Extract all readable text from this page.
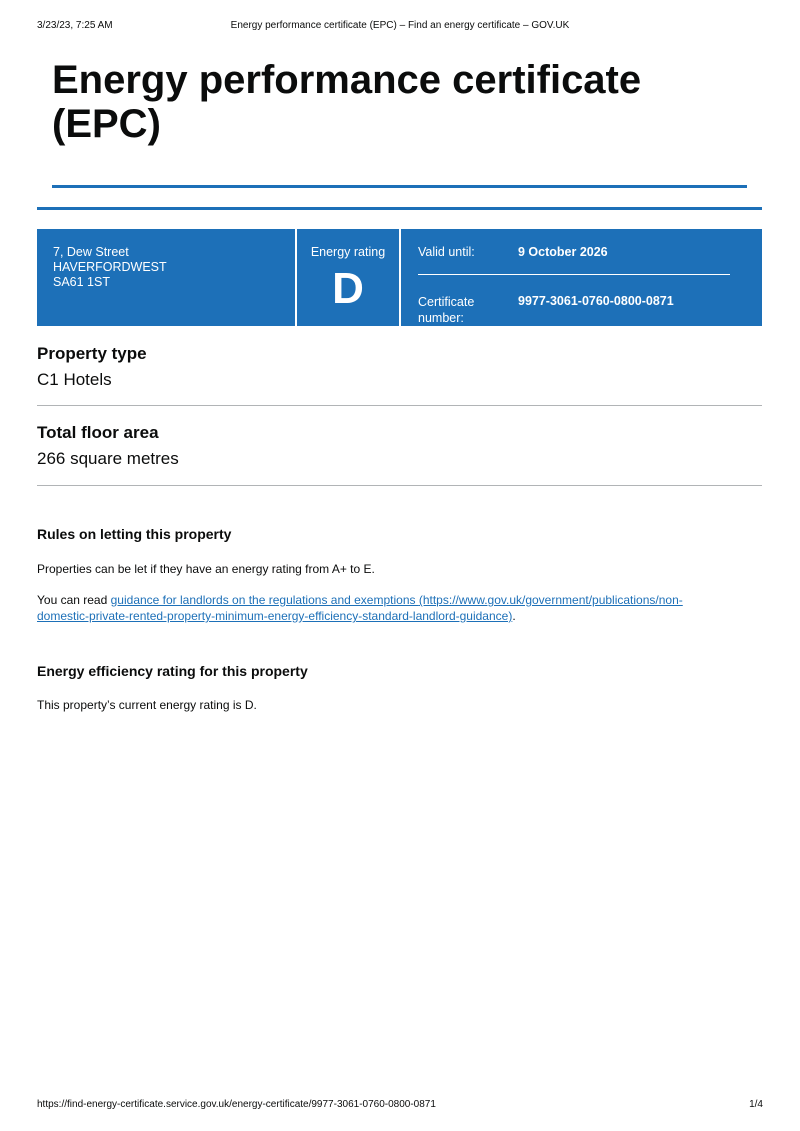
3/23/23, 7:25 AM	Energy performance certificate (EPC) – Find an energy certificate – GOV.UK
Energy performance certificate (EPC)
7, Dew Street
HAVERFORDWEST
SA61 1ST
Energy rating
D
Valid until:	9 October 2026
Certificate number:
9977-3061-0760-0800-0871
Property type
C1 Hotels
Total floor area
266 square metres
Rules on letting this property

Properties can be let if they have an energy rating from A+ to E.

You can read guidance for landlords on the regulations and exemptions (https://www.gov.uk/government/publications/non-
domestic-private-rented-property-minimum-energy-efficiency-standard-landlord-guidance).

Energy efficiency rating for this property

This property’s current energy rating is D.

https://find-energy-certificate.service.gov.uk/energy-certificate/9977-3061-0760-0800-0871	1/4
